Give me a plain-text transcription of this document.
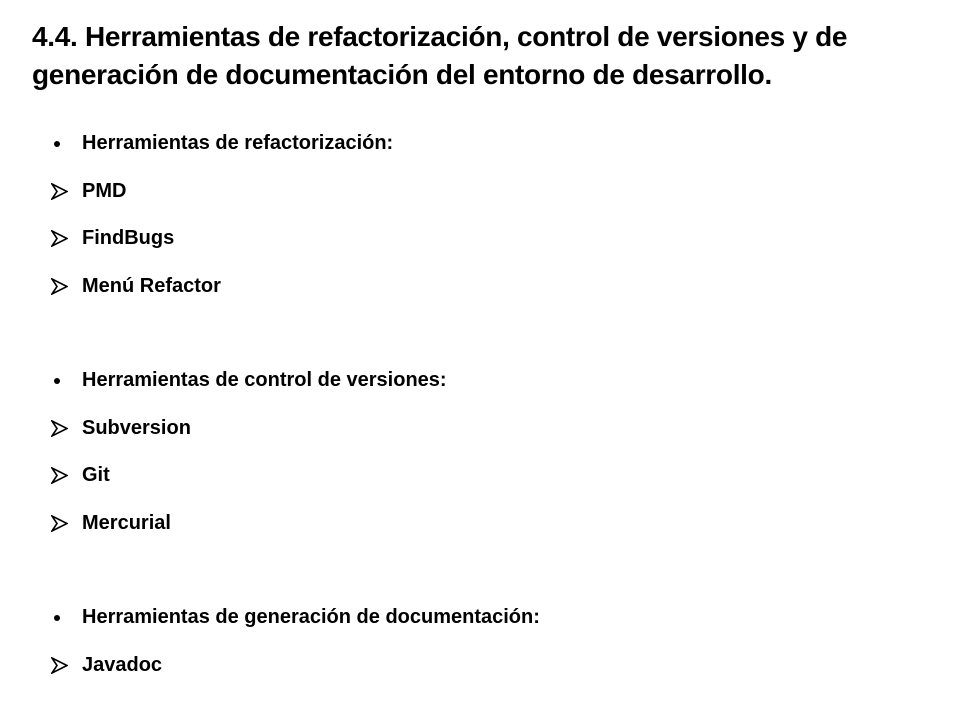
4.4. Herramientas de refactorización, control de versiones y de generación de documentación del entorno de desarrollo.
Herramientas de refactorización:
PMD
FindBugs
Menú Refactor
Herramientas de control de versiones:
Subversion
Git
Mercurial
Herramientas de generación de documentación:
Javadoc
